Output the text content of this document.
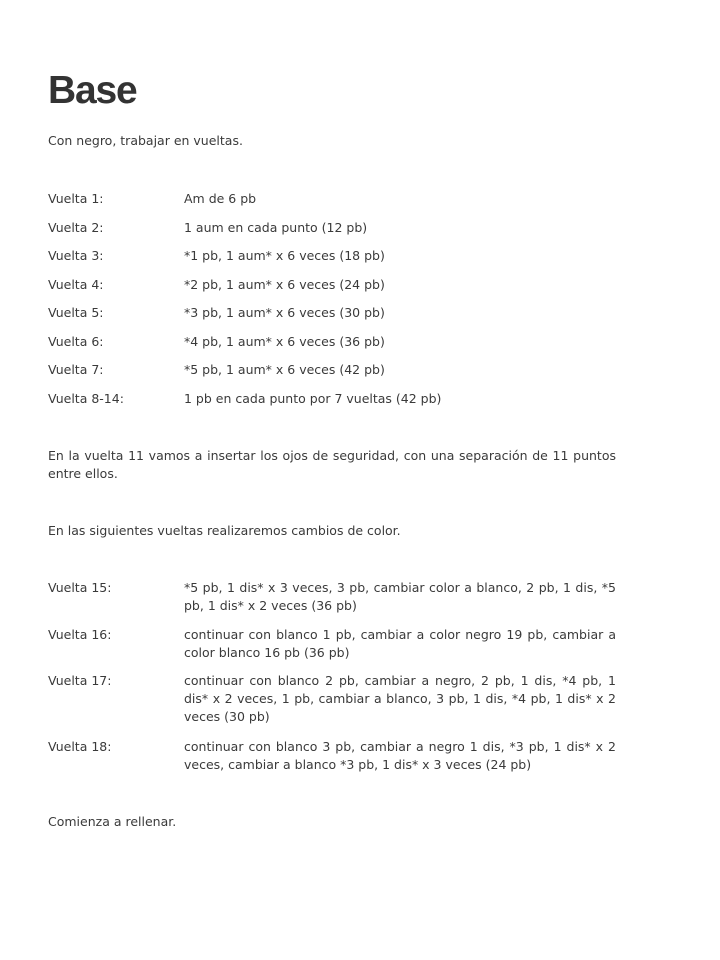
Base

Con negro, trabajar en vueltas.

Vuelta 1:	Am de 6 pb
Vuelta 2:	1 aum en cada punto (12 pb)
Vuelta 3:	*1 pb, 1 aum* x 6 veces (18 pb)
Vuelta 4:	*2 pb, 1 aum* x 6 veces (24 pb)
Vuelta 5:	*3 pb, 1 aum* x 6 veces (30 pb)
Vuelta 6:	*4 pb, 1 aum* x 6 veces (36 pb)
Vuelta 7:	*5 pb, 1 aum* x 6 veces (42 pb)
Vuelta 8-14:	1 pb en cada punto por 7 vueltas (42 pb)

En la vuelta 11 vamos a insertar los ojos de seguridad, con una separación de 11 puntos entre ellos.

En las siguientes vueltas realizaremos cambios de color.

Vuelta 15:	*5 pb, 1 dis* x 3 veces, 3 pb, cambiar color a blanco, 2 pb, 1 dis, *5 pb, 1 dis* x 2 veces (36 pb)
Vuelta 16:	continuar con blanco 1 pb, cambiar a color negro 19 pb, cambiar a color blanco 16 pb (36 pb)
Vuelta 17:	continuar con blanco 2 pb, cambiar a negro, 2 pb, 1 dis, *4 pb, 1 dis* x 2 veces, 1 pb, cambiar a blanco, 3 pb, 1 dis, *4 pb, 1 dis* x 2 veces (30 pb)
Vuelta 18:	continuar con blanco 3 pb, cambiar a negro 1 dis, *3 pb, 1 dis* x 2 veces, cambiar a blanco *3 pb, 1 dis* x 3 veces (24 pb)

Comienza a rellenar.
